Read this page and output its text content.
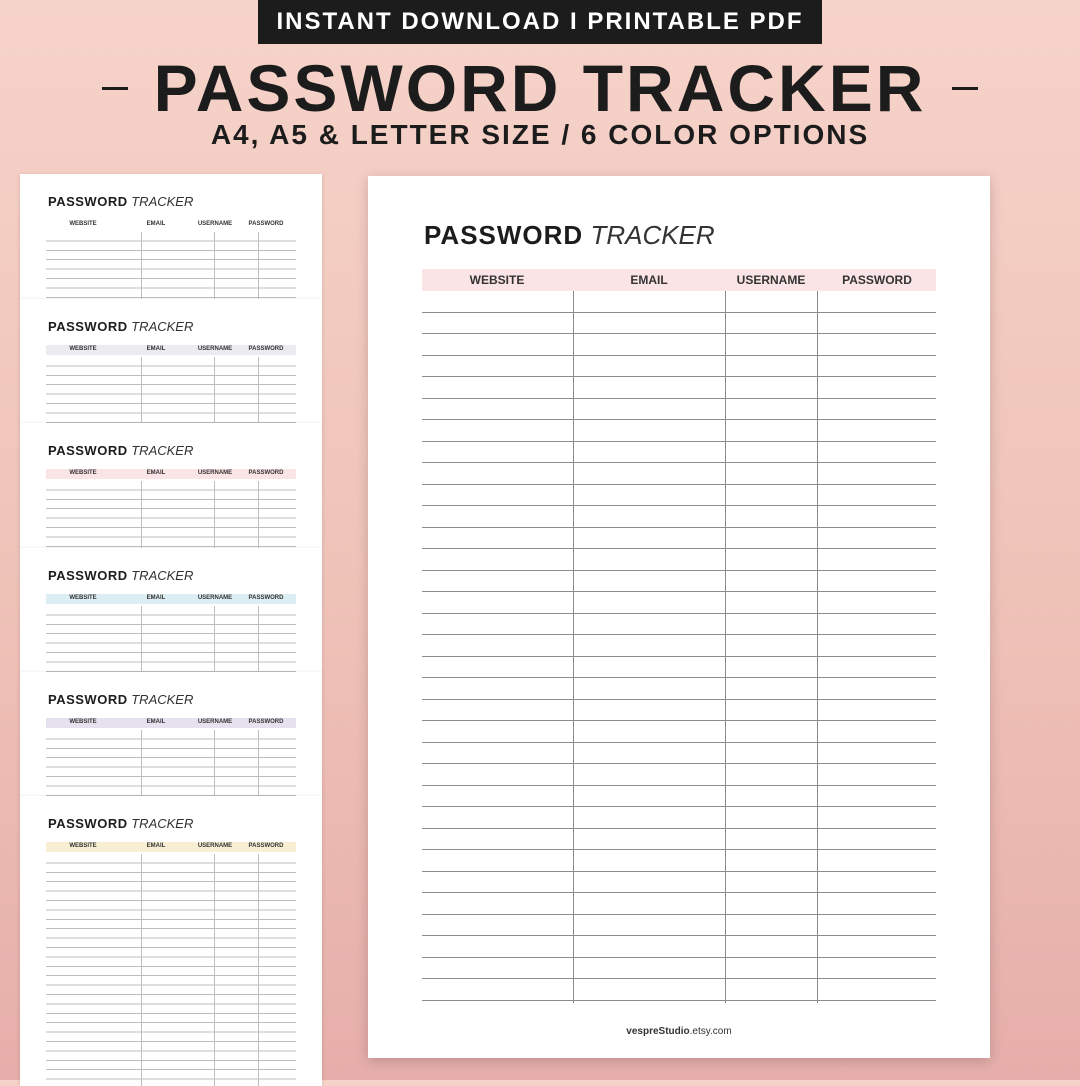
INSTANT DOWNLOAD I PRINTABLE PDF
PASSWORD TRACKER
A4, A5 & LETTER SIZE / 6 COLOR OPTIONS
PASSWORD TRACKER
WEBSITE	EMAIL	USERNAME	PASSWORD
PASSWORD TRACKER
WEBSITE	EMAIL	USERNAME	PASSWORD
PASSWORD TRACKER
WEBSITE	EMAIL	USERNAME	PASSWORD
PASSWORD TRACKER
WEBSITE	EMAIL	USERNAME	PASSWORD
PASSWORD TRACKER
WEBSITE	EMAIL	USERNAME	PASSWORD
PASSWORD TRACKER
WEBSITE	EMAIL	USERNAME	PASSWORD
PASSWORD TRACKER
WEBSITE	EMAIL	USERNAME	PASSWORD
vespreStudio.etsy.com
